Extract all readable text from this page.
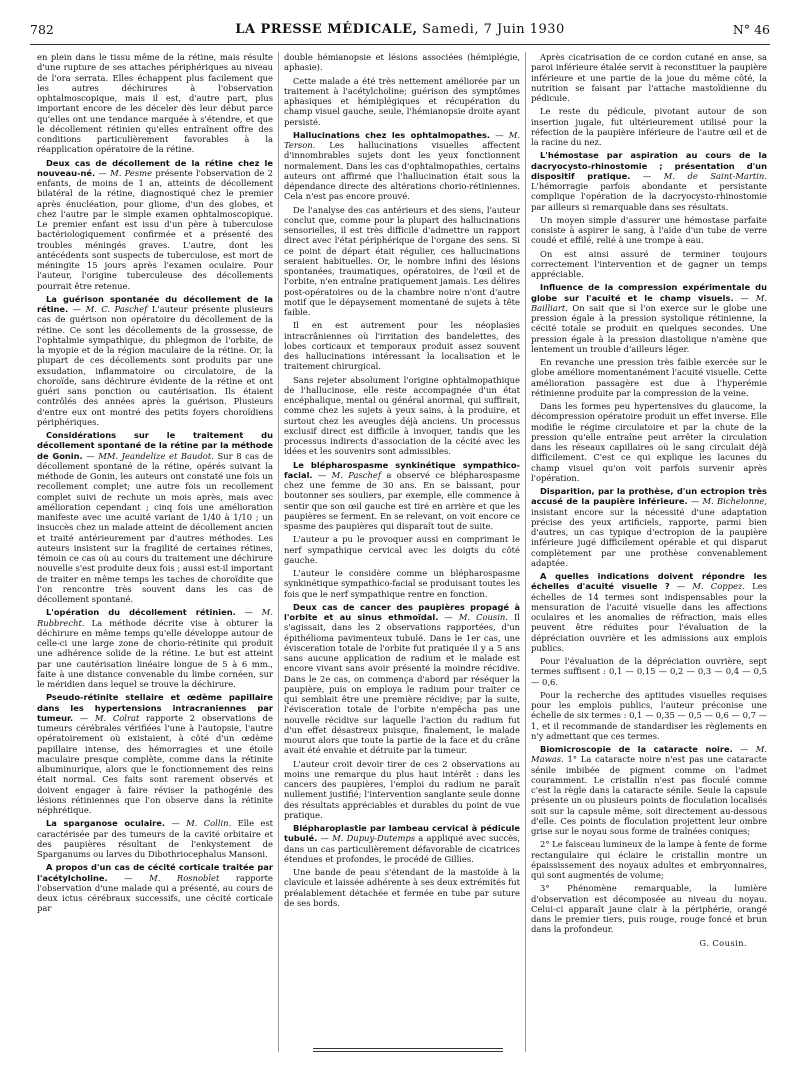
782	LA PRESSE MÉDICALE, Samedi, 7 Juin 1930	N° 46

en plein dans le tissu même de la rétine, mais résulte d'une rupture de ses attaches périphériques au niveau de l'ora serrata. Elles échappent plus facilement que les autres déchirures à l'observation ophtalmoscopique, mais il est, d'autre part, plus important encore de les déceler dès leur début parce qu'elles ont une tendance marquée à s'étendre, et que le décollement rétinien qu'elles entraînent offre des conditions particulièrement favorables à la réapplication opératoire de la rétine.

Deux cas de décollement de la rétine chez le nouveau-né. — M. Pesme présente l'observation de 2 enfants, de moins de 1 an, atteints de décollement bilatéral de la rétine, diagnostiqué chez le premier après énucléation, pour gliome, d'un des globes, et chez l'autre par le simple examen ophtalmoscopique. Le premier enfant est issu d'un père à tuberculose bactériologiquement confirmée et a présenté des troubles méningés graves. L'autre, dont les antécédents sont suspects de tuberculose, est mort de méningite 15 jours après l'examen oculaire. Pour l'auteur, l'origine tuberculeuse des décollements pourrait être retenue.

La guérison spontanée du décollement de la rétine. — M. C. Paschef L'auteur présente plusieurs cas de guérison non opératoire du décollement de la rétine. Ce sont les décollements de la grossesse, de l'ophtalmie sympathique, du phlegmon de l'orbite, de la myopie et de la région maculaire de la rétine. Or, la plupart de ces décollements sont produits par une exsudation, inflammatoire ou circulatoire, de la choroïde, sans déchirure évidente de la rétine et ont guéri sans ponction ou cautérisation. Ils étaient contrôlés des années après la guérison. Plusieurs d'entre eux ont montré des petits foyers choroïdiens périphériques.

Considérations sur le traitement du décollement spontané de la rétine par la méthode de Gonin. — MM. Jeandelize et Baudot. Sur 8 cas de décollement spontané de la rétine, opérés suivant la méthode de Gonin, les auteurs ont constaté une fois un recollement complet; une autre fois un recollement complet suivi de rechute un mois après, mais avec amélioration cependant ; cinq fois une amélioration manifeste avec une acuité variant de 1/40 à 1/10 ; un insuccès chez un malade atteint de décollement ancien et traité antérieurement par d'autres méthodes. Les auteurs insistent sur la fragilité de certaines rétines, témoin ce cas où au cours du traitement une déchirure nouvelle s'est produite deux fois ; aussi est-il important de traiter en même temps les taches de choroïdite que l'on rencontre très souvent dans les cas de décollement spontané.

L'opération du décollement rétinien. — M. Rubbrecht. La méthode décrite vise à obturer la déchirure en même temps qu'elle développe autour de celle-ci une large zone de chorio-rétinite qui produit une adhérence solide de la rétine. Le but est atteint par une cautérisation linéaire longue de 5 à 6 mm., faite à une distance convenable du limbe cornéen, sur le méridien dans lequel se trouve la déchirure.

Pseudo-rétinite stellaire et œdème papillaire dans les hypertensions intracraniennes par tumeur. — M. Colrat rapporte 2 observations de tumeurs cérébrales vérifiées l'une à l'autopsie, l'autre opératoirement où existaient, à côté d'un œdème papillaire intense, des hémorragies et une étoile maculaire presque complète, comme dans la rétinite albuminurique, alors que le fonctionnement des reins était normal. Ces faits sont rarement observés et doivent engager à faire réviser la pathogénie des lésions rétiniennes que l'on observe dans la rétinite néphrétique.

La sparganose oculaire. — M. Collin. Elle est caractérisée par des tumeurs de la cavité orbitaire et des paupières résultant de l'enkystement de Sparganums ou larves du Dibothriocephalus Mansoni.

A propos d'un cas de cécité corticale traitée par l'acétylcholine. — M. Rosnoblet rapporte l'observation d'une malade qui a présenté, au cours de deux ictus cérébraux successifs, une cécité corticale par

double hémianopsie et lésions associées (hémiplégie, aphasie).

Cette malade a été très nettement améliorée par un traitement à l'acétylcholine; guérison des symptômes aphasiques et hémiplégiques et récupération du champ visuel gauche, seule, l'hémianopsie droite ayant persisté.

Hallucinations chez les ophtalmopathes. — M. Terson. Les hallucinations visuelles affectent d'innombrables sujets dont les yeux fonctionnent normalement. Dans les cas d'ophtalmopathies, certains auteurs ont affirmé que l'hallucination était sous la dépendance directe des altérations chorio-rétiniennes. Cela n'est pas encore prouvé.

De l'analyse des cas antérieurs et des siens, l'auteur conclut que, comme pour la plupart des hallucinations sensorielles, il est très difficile d'admettre un rapport direct avec l'état périphérique de l'organe des sens. Si ce point de départ était régulier, ces hallucinations seraient habituelles. Or, le nombre infini des lésions spontanées, traumatiques, opératoires, de l'œil et de l'orbite, n'en entraîne pratiquement jamais. Les délires post-opératoires ou de la chambre noire n'ont d'autre motif que le dépaysement momentané de sujets à tête faible.

Il en est autrement pour les néoplasies intracrâniennes où l'irritation des bandelettes, des lobes corticaux et temporaux produit assez souvent des hallucinations intéressant la localisation et le traitement chirurgical.

Sans rejeter absolument l'origine ophtalmopathique de l'hallucinose, elle reste accompagnée d'un état encéphalique, mental ou général anormal, qui suffirait, comme chez les sujets à yeux sains, à la produire, et surtout chez les aveugles déjà anciens. Un processus exclusif direct est difficile à invoquer, tandis que les processus indirects d'association de la cécité avec les idées et les souvenirs sont admissibles.

Le blépharospasme synkinétique sympathico-facial. — M. Paschef a observé ce blépharospasme chez une femme de 30 ans. En se baissant, pour boutonner ses souliers, par exemple, elle commence à sentir que son œil gauche est tiré en arrière et que les paupières se ferment. En se relevant, on voit encore ce spasme des paupières qui disparaît tout de suite.

L'auteur a pu le provoquer aussi en comprimant le nerf sympathique cervical avec les doigts du côté gauche.

L'auteur le considère comme un blépharospasme synkinétique sympathico-facial se produisant toutes les fois que le nerf sympathique rentre en fonction.

Deux cas de cancer des paupières propagé à l'orbite et au sinus ethmoïdal. — M. Cousin. Il s'agissait, dans les 2 observations rapportées, d'un épithélioma pavimenteux tubulé. Dans le 1er cas, une évisceration totale de l'orbite fut pratiquée il y a 5 ans sans aucune application de radium et le malade est encore vivant sans avoir présenté la moindre récidive. Dans le 2e cas, on commença d'abord par réséquer la paupière, puis on employa le radium pour traiter ce qui semblait être une première récidive; par la suite, l'évisceration totale de l'orbite n'empêcha pas une nouvelle récidive sur laquelle l'action du radium fut d'un effet désastreux puisque, finalement, le malade mourut alors que toute la partie de la face et du crâne avait été envahie et détruite par la tumeur.

L'auteur croit devoir tirer de ces 2 observations au moins une remarque du plus haut intérêt : dans les cancers des paupières, l'emploi du radium ne paraît nullement justifié; l'intervention sanglante seule donne des résultats appréciables et durables du point de vue pratique.

Blépharoplastie par lambeau cervical à pédicule tubulé. — M. Dupuy-Dutemps a appliqué avec succès, dans un cas particulièrement défavorable de cicatrices étendues et profondes, le procédé de Gillies.

Une bande de peau s'étendant de la mastoïde à la clavicule et laissée adhérente à ses deux extrémités fut préalablement détachée et fermée en tube par suture de ses bords.

Après cicatrisation de ce cordon cutané en anse, sa paroi inférieure étalée servit à reconstituer la paupière inférieure et une partie de la joue du même côté, la nutrition se faisant par l'attache mastoïdienne du pédicule.

Le reste du pédicule, pivotant autour de son insertion jugale, fut ultérieurement utilisé pour la réfection de la paupière inférieure de l'autre œil et de la racine du nez.

L'hémostase par aspiration au cours de la dacryocysto-rhinostomie ; présentation d'un dispositif pratique. — M. de Saint-Martin. L'hémorragie parfois abondante et persistante complique l'opération de la dacryocysto-rhinostomie par ailleurs si remarquable dans ses résultats.

Un moyen simple d'assurer une hémostase parfaite consiste à aspirer le sang, à l'aide d'un tube de verre coudé et effilé, relié à une trompe à eau.

On est ainsi assuré de terminer toujours correctement l'intervention et de gagner un temps appréciable.

Influence de la compression expérimentale du globe sur l'acuité et le champ visuels. — M. Bailliart. On sait que si l'on exerce sur le globe une pression égale à la pression systolique rétinienne, la cécité totale se produit en quelques secondes. Une pression égale à la pression diastolique n'amène que lentement un trouble d'ailleurs léger.

En revanche une pression très faible exercée sur le globe améliore momentanément l'acuité visuelle. Cette amélioration passagère est due à l'hyperémie rétinienne produite par la compression de la veine.

Dans les formes peu hypertensives du glaucome, la décompression opératoire produit un effet inverse. Elle modifie le régime circulatoire et par la chute de la pression qu'elle entraîne peut arrêter la circulation dans les réseaux capillaires où le sang circulait déjà difficilement. C'est ce qui explique les lacunes du champ visuel qu'on voit parfois survenir après l'opération.

Disparition, par la prothèse, d'un ectropion très accusé de la paupière inférieure. — M. Bichelonne, insistant encore sur la nécessité d'une adaptation précise des yeux artificiels, rapporte, parmi bien d'autres, un cas typique d'ectropion de la paupière inférieure jugé difficilement opérable et qui disparut complètement par une prothèse convenablement adaptée.

A quelles indications doivent répondre les échelles d'acuité visuelle ? — M. Coppez. Les échelles de 14 termes sont indispensables pour la mensuration de l'acuité visuelle dans les affections oculaires et les anomalies de réfraction, mais elles peuvent être réduites pour l'évaluation de la dépréciation ouvrière et les admissions aux emplois publics.

Pour l'évaluation de la dépréciation ouvrière, sept termes suffisent : 0,1 — 0,15 — 0,2 — 0,3 — 0,4 — 0,5 — 0,6.

Pour la recherche des aptitudes visuelles requises pour les emplois publics, l'auteur préconise une échelle de six termes : 0,1 — 0,35 — 0,5 — 0,6 — 0,7 — 1, et il recommande de standardiser les règlements en n'y admettant que ces termes.

Biomicroscopie de la cataracte noire. — M. Mawas. 1° La cataracte noire n'est pas une cataracte sénile imbibée de pigment comme on l'admet couramment. Le cristallin n'est pas floculé comme c'est la règle dans la cataracte sénile. Seule la capsule présente un ou plusieurs points de floculation localisés soit sur la capsule même, soit directement au-dessous d'elle. Ces points de floculation projettent leur ombre grise sur le noyau sous forme de traînées coniques;

2° Le faisceau lumineux de la lampe à fente de forme rectangulaire qui éclaire le cristallin montre un épaississement des noyaux adultes et embryonnaires, qui sont augmentés de volume;

3° Phénomène remarquable, la lumière d'observation est décomposée au niveau du noyau. Celui-ci apparaît jaune clair à la périphérie, orangé dans le premier tiers, puis rouge, rouge foncé et brun dans la profondeur.

G. Cousin.
